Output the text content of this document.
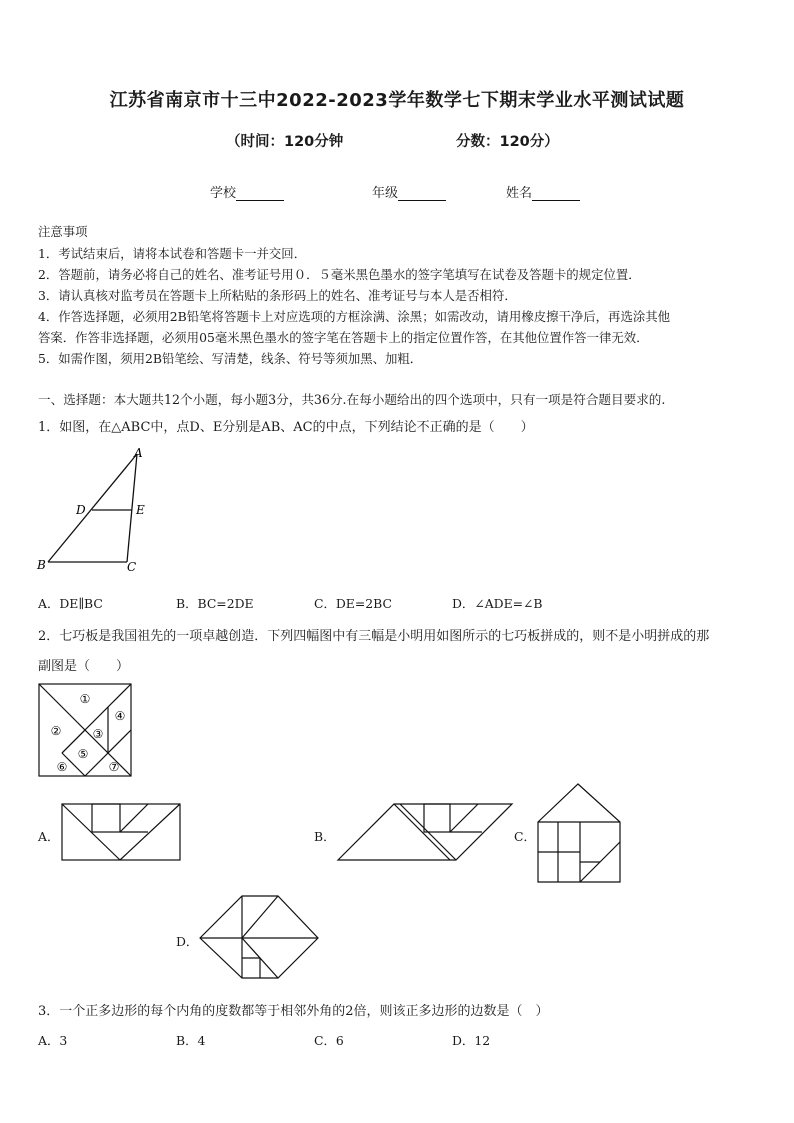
江苏省南京市十三中2022-2023学年数学七下期末学业水平测试试题
（时间：120分钟	分数：120分）
学校	年级	姓名
注意事项
1．考试结束后，请将本试卷和答题卡一并交回．
2．答题前，请务必将自己的姓名、准考证号用０．５毫米黑色墨水的签字笔填写在试卷及答题卡的规定位置．
3．请认真核对监考员在答题卡上所粘贴的条形码上的姓名、准考证号与本人是否相符．
4．作答选择题，必须用2B铅笔将答题卡上对应选项的方框涂满、涂黑；如需改动，请用橡皮擦干净后，再选涂其他
答案．作答非选择题，必须用05毫米黑色墨水的签字笔在答题卡上的指定位置作答，在其他位置作答一律无效．
5．如需作图，须用2B铅笔绘、写清楚，线条、符号等须加黑、加粗．
一、选择题：本大题共12个小题，每小题3分，共36分.在每小题给出的四个选项中，只有一项是符合题目要求的.
1．如图，在△ABC中，点D、E分别是AB、AC的中点，下列结论不正确的是（　　）
A
D	E
B	C
A．DE∥BC	B．BC=2DE	C．DE=2BC	D．∠ADE=∠B
2．七巧板是我国祖先的一项卓越创造．下列四幅图中有三幅是小明用如图所示的七巧板拼成的，则不是小明拼成的那
副图是（　　）
①
②	③
④
⑤
⑥	⑦
A．	B．	C．
D．
3．一个正多边形的每个内角的度数都等于相邻外角的2倍，则该正多边形的边数是（　）
A．3	B．4	C．6	D．12
